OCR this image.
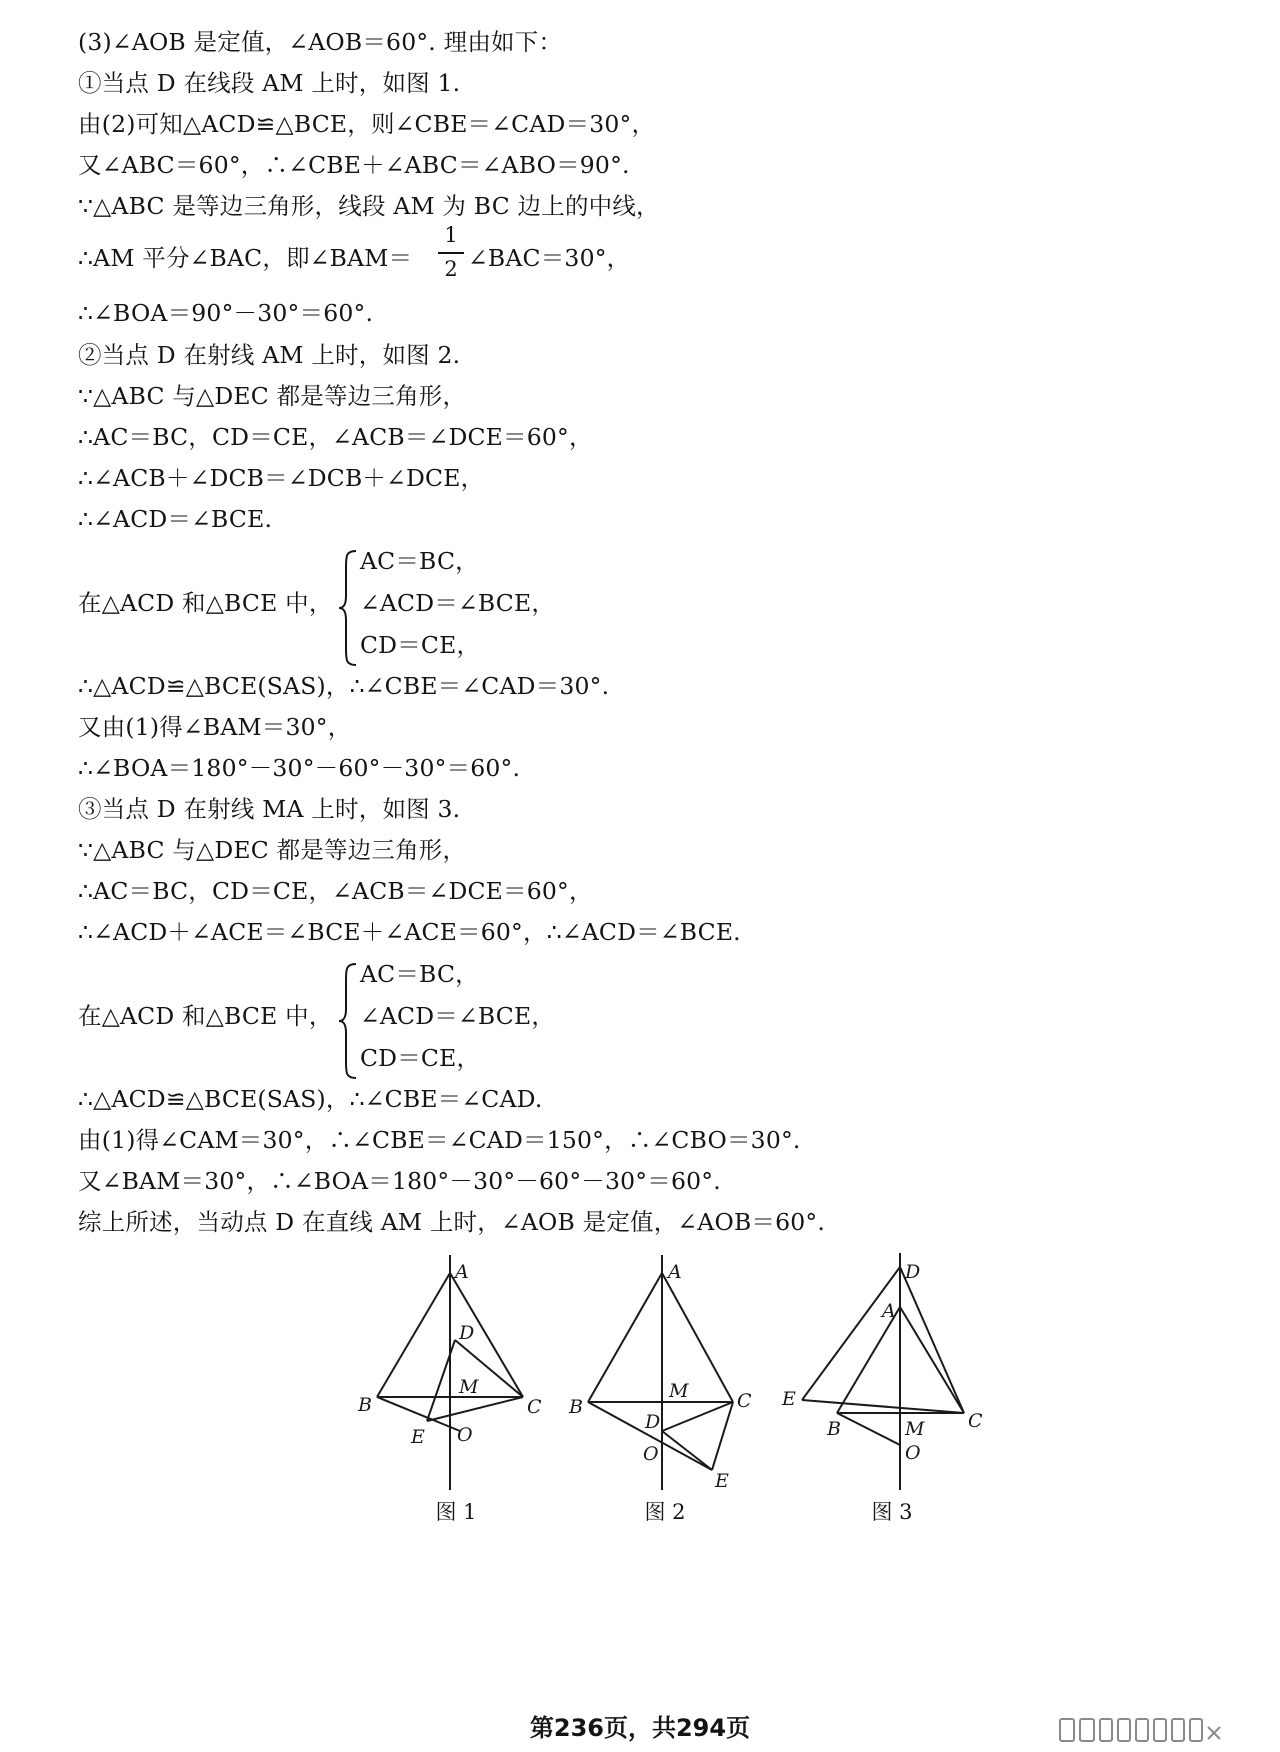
(3)∠AOB 是定值，∠AOB＝60°. 理由如下：
①当点 D 在线段 AM 上时，如图 1.
由(2)可知△ACD≌△BCE，则∠CBE＝∠CAD＝30°，
又∠ABC＝60°，∴∠CBE＋∠ABC＝∠ABO＝90°.
∵△ABC 是等边三角形，线段 AM 为 BC 边上的中线，
∴AM 平分∠BAC，即∠BAM＝
1
2 ∠BAC＝30°，
∴∠BOA＝90°－30°＝60°.
②当点 D 在射线 AM 上时，如图 2.
∵△ABC 与△DEC 都是等边三角形，
∴AC＝BC，CD＝CE，∠ACB＝∠DCE＝60°，
∴∠ACB＋∠DCB＝∠DCB＋∠DCE，
∴∠ACD＝∠BCE.
AC＝BC，
在△ACD 和△BCE 中， ∠ACD＝∠BCE，
CD＝CE，
∴△ACD≌△BCE(SAS)，∴∠CBE＝∠CAD＝30°.
又由(1)得∠BAM＝30°，
∴∠BOA＝180°－30°－60°－30°＝60°.
③当点 D 在射线 MA 上时，如图 3.
∵△ABC 与△DEC 都是等边三角形，
∴AC＝BC，CD＝CE，∠ACB＝∠DCE＝60°，
∴∠ACD＋∠ACE＝∠BCE＋∠ACE＝60°，∴∠ACD＝∠BCE.
AC＝BC，
在△ACD 和△BCE 中， ∠ACD＝∠BCE，
CD＝CE，
∴△ACD≌△BCE(SAS)，∴∠CBE＝∠CAD.
由(1)得∠CAM＝30°，∴∠CBE＝∠CAD＝150°，∴∠CBO＝30°.
又∠BAM＝30°，∴∠BOA＝180°－30°－60°－30°＝60°.
综上所述，当动点 D 在直线 AM 上时，∠AOB 是定值，∠AOB＝60°.
A
D
M
B	C
E O
图 1
A
M
B	C
D
O
E
图 2
D
A
E
C
B	M
O
图 3
第236页，共294页
